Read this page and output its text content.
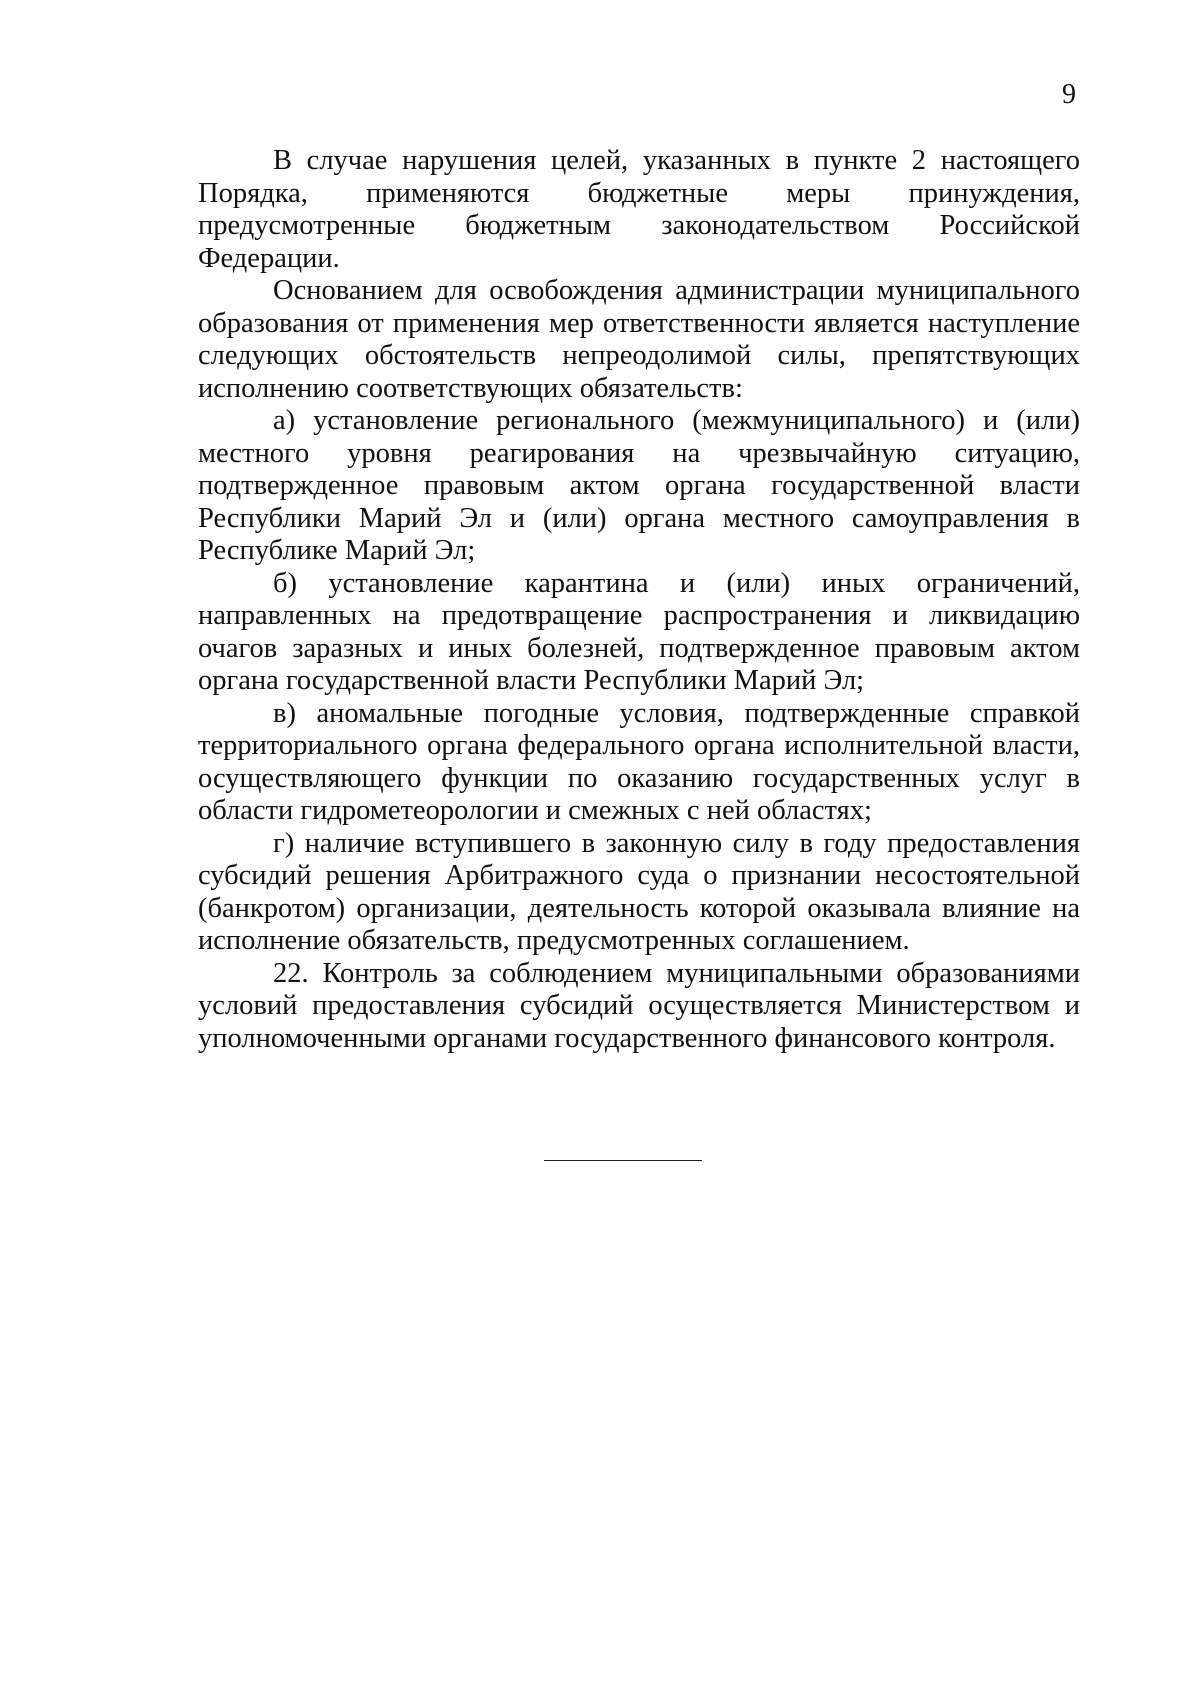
9

В случае нарушения целей, указанных в пункте 2 настоящего Порядка, применяются бюджетные меры принуждения, предусмотренные бюджетным законодательством Российской Федерации.

Основанием для освобождения администрации муниципального образования от применения мер ответственности является наступление следующих обстоятельств непреодолимой силы, препятствующих исполнению соответствующих обязательств:

а) установление регионального (межмуниципального) и (или) местного уровня реагирования на чрезвычайную ситуацию, подтвержденное правовым актом органа государственной власти Республики Марий Эл и (или) органа местного самоуправления в Республике Марий Эл;

б) установление карантина и (или) иных ограничений, направленных на предотвращение распространения и ликвидацию очагов заразных и иных болезней, подтвержденное правовым актом органа государственной власти Республики Марий Эл;

в) аномальные погодные условия, подтвержденные справкой территориального органа федерального органа исполнительной власти, осуществляющего функции по оказанию государственных услуг в области гидрометеорологии и смежных с ней областях;

г) наличие вступившего в законную силу в году предоставления субсидий решения Арбитражного суда о признании несостоятельной (банкротом) организации, деятельность которой оказывала влияние на исполнение обязательств, предусмотренных соглашением.

22. Контроль за соблюдением муниципальными образованиями условий предоставления субсидий осуществляется Министерством и уполномоченными органами государственного финансового контроля.
